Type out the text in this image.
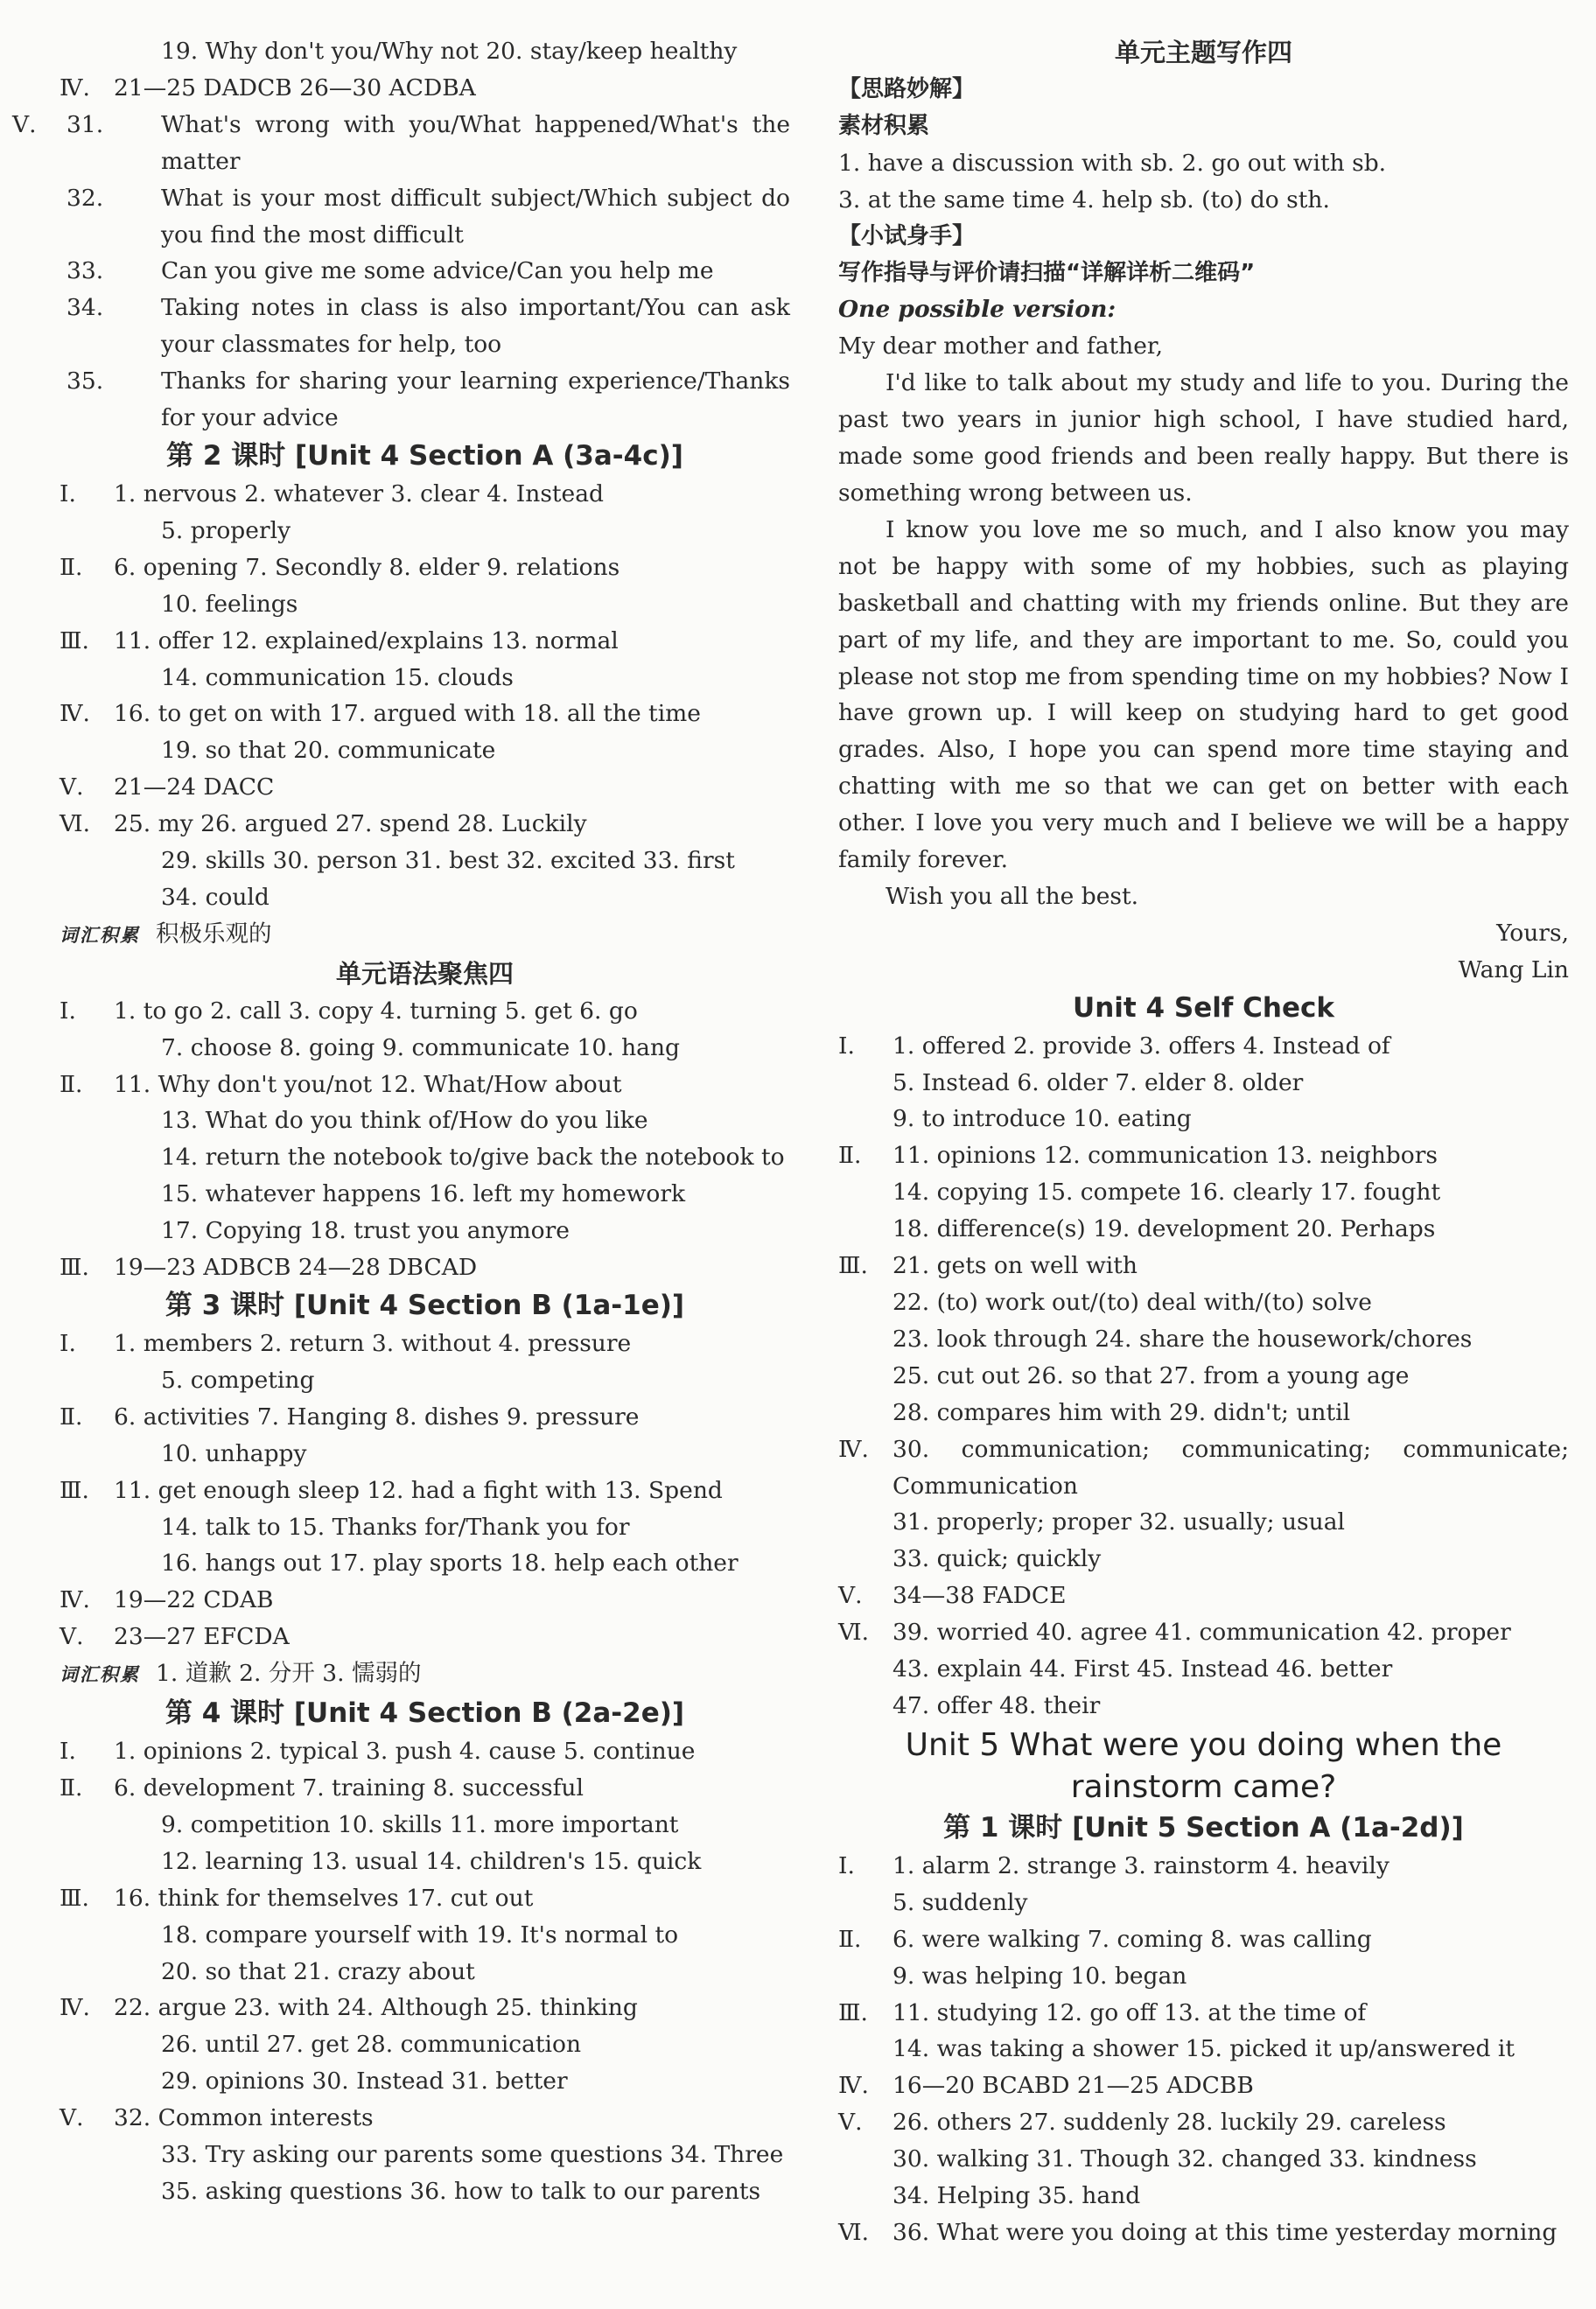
19. Why don't you/Why not 20. stay/keep healthy
Ⅳ. 21—25 DADCB 26—30 ACDBA
Ⅴ.	31. What's wrong with you/What happened/What's the matter
32. What is your most difficult subject/Which subject do you find the most difficult
33. Can you give me some advice/Can you help me
34. Taking notes in class is also important/You can ask your classmates for help, too
35. Thanks for sharing your learning experience/Thanks for your advice
第 2 课时 [Unit 4 Section A (3a-4c)]
Ⅰ. 1. nervous 2. whatever 3. clear 4. Instead
5. properly
Ⅱ. 6. opening 7. Secondly 8. elder 9. relations
10. feelings
Ⅲ. 11. offer 12. explained/explains 13. normal
14. communication 15. clouds
Ⅳ. 16. to get on with 17. argued with 18. all the time
19. so that 20. communicate
Ⅴ. 21—24 DACC
Ⅵ. 25. my 26. argued 27. spend 28. Luckily
29. skills 30. person 31. best 32. excited 33. first
34. could
词汇积累 积极乐观的
单元语法聚焦四
Ⅰ. 1. to go 2. call 3. copy 4. turning 5. get 6. go
7. choose 8. going 9. communicate 10. hang
Ⅱ. 11. Why don't you/not 12. What/How about
13. What do you think of/How do you like
14. return the notebook to/give back the notebook to
15. whatever happens 16. left my homework
17. Copying 18. trust you anymore
Ⅲ. 19—23 ADBCB 24—28 DBCAD
第 3 课时 [Unit 4 Section B (1a-1e)]
Ⅰ. 1. members 2. return 3. without 4. pressure
5. competing
Ⅱ. 6. activities 7. Hanging 8. dishes 9. pressure
10. unhappy
Ⅲ. 11. get enough sleep 12. had a fight with 13. Spend
14. talk to 15. Thanks for/Thank you for
16. hangs out 17. play sports 18. help each other
Ⅳ. 19—22 CDAB
Ⅴ. 23—27 EFCDA
词汇积累 1. 道歉 2. 分开 3. 懦弱的
第 4 课时 [Unit 4 Section B (2a-2e)]
Ⅰ. 1. opinions 2. typical 3. push 4. cause 5. continue
Ⅱ. 6. development 7. training 8. successful
9. competition 10. skills 11. more important
12. learning 13. usual 14. children's 15. quick
Ⅲ. 16. think for themselves 17. cut out
18. compare yourself with 19. It's normal to
20. so that 21. crazy about
Ⅳ. 22. argue 23. with 24. Although 25. thinking
26. until 27. get 28. communication
29. opinions 30. Instead 31. better
Ⅴ. 32. Common interests
33. Try asking our parents some questions 34. Three
35. asking questions 36. how to talk to our parents
单元主题写作四
【思路妙解】
素材积累
1. have a discussion with sb. 2. go out with sb.
3. at the same time 4. help sb. (to) do sth.
【小试身手】
写作指导与评价请扫描“详解详析二维码”
One possible version:
My dear mother and father,
I'd like to talk about my study and life to you. During the past two years in junior high school, I have studied hard, made some good friends and been really happy. But there is something wrong between us.
I know you love me so much, and I also know you may not be happy with some of my hobbies, such as playing basketball and chatting with my friends online. But they are part of my life, and they are important to me. So, could you please not stop me from spending time on my hobbies? Now I have grown up. I will keep on studying hard to get good grades. Also, I hope you can spend more time staying and chatting with me so that we can get on better with each other. I love you very much and I believe we will be a happy family forever.
Wish you all the best.
Yours,
Wang Lin
Unit 4 Self Check
Ⅰ. 1. offered 2. provide 3. offers 4. Instead of
5. Instead 6. older 7. elder 8. older
9. to introduce 10. eating
Ⅱ. 11. opinions 12. communication 13. neighbors
14. copying 15. compete 16. clearly 17. fought
18. difference(s) 19. development 20. Perhaps
Ⅲ. 21. gets on well with
22. (to) work out/(to) deal with/(to) solve
23. look through 24. share the housework/chores
25. cut out 26. so that 27. from a young age
28. compares him with 29. didn't; until
Ⅳ. 30. communication; communicating; communicate; Communication
31. properly; proper 32. usually; usual
33. quick; quickly
Ⅴ. 34—38 FADCE
Ⅵ. 39. worried 40. agree 41. communication 42. proper
43. explain 44. First 45. Instead 46. better
47. offer 48. their
Unit 5 What were you doing when the
rainstorm came?
第 1 课时 [Unit 5 Section A (1a-2d)]
Ⅰ. 1. alarm 2. strange 3. rainstorm 4. heavily
5. suddenly
Ⅱ. 6. were walking 7. coming 8. was calling
9. was helping 10. began
Ⅲ. 11. studying 12. go off 13. at the time of
14. was taking a shower 15. picked it up/answered it
Ⅳ. 16—20 BCABD 21—25 ADCBB
Ⅴ. 26. others 27. suddenly 28. luckily 29. careless
30. walking 31. Though 32. changed 33. kindness
34. Helping 35. hand
Ⅵ. 36. What were you doing at this time yesterday morning
